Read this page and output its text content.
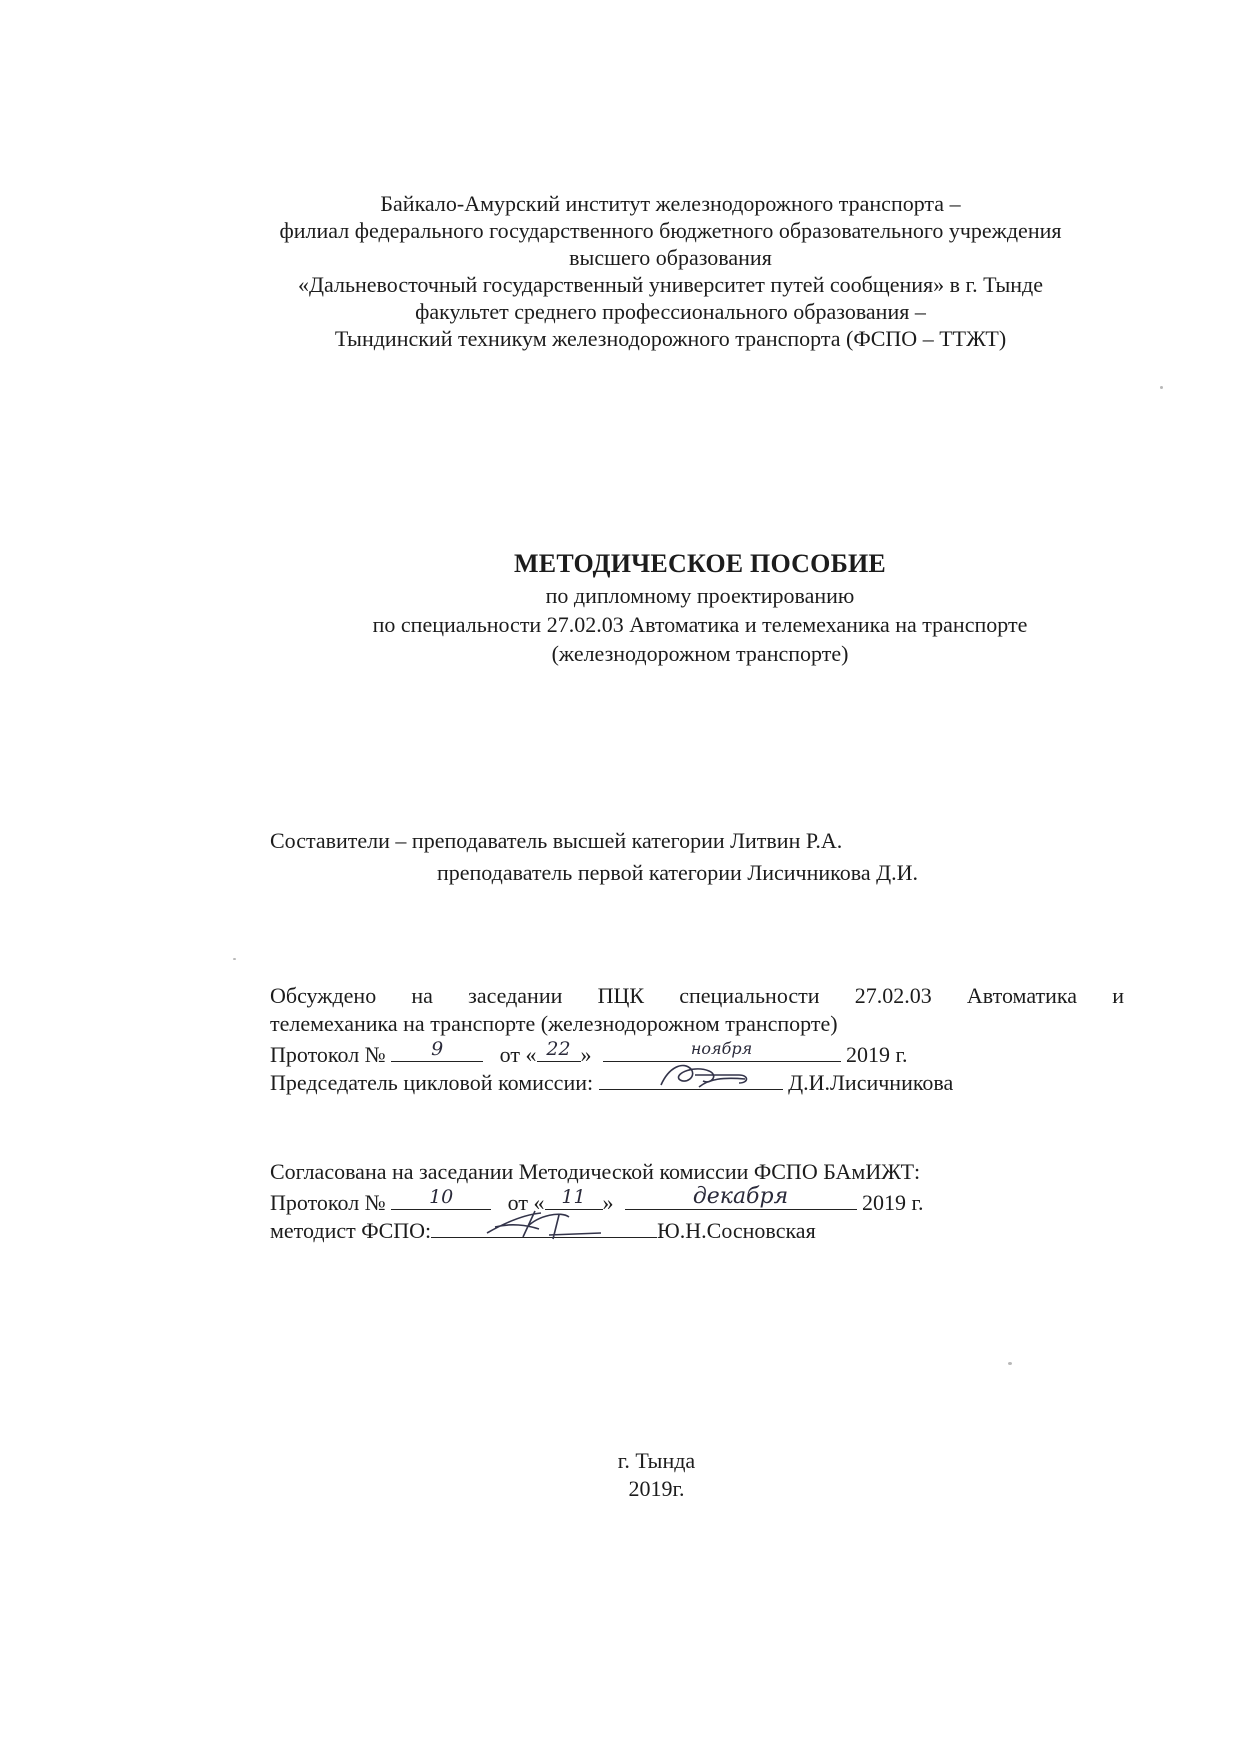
Байкало-Амурский институт железнодорожного транспорта –
филиал федерального государственного бюджетного образовательного учреждения
высшего образования
«Дальневосточный государственный университет путей сообщения» в г. Тынде
факультет среднего профессионального образования –
Тындинский техникум железнодорожного транспорта (ФСПО – ТТЖТ)
МЕТОДИЧЕСКОЕ ПОСОБИЕ
по дипломному проектированию
по специальности 27.02.03 Автоматика и телемеханика на транспорте
(железнодорожном транспорте)
Составители – преподаватель высшей категории Литвин Р.А.
преподаватель первой категории Лисичникова Д.И.
Обсуждено на заседании ПЦК специальности 27.02.03 Автоматика и
телемеханика на транспорте (железнодорожном транспорте)
Протокол №	9	от « 22 »	ноября	2019 г.
Председатель цикловой комиссии:	Д.И.Лисичникова
Согласована на заседании Методической комиссии ФСПО БАмИЖТ:
Протокол №	10	от « 11 »	декабря	2019 г.
методист ФСПО:	Ю.Н.Сосновская
г. Тында
2019г.
